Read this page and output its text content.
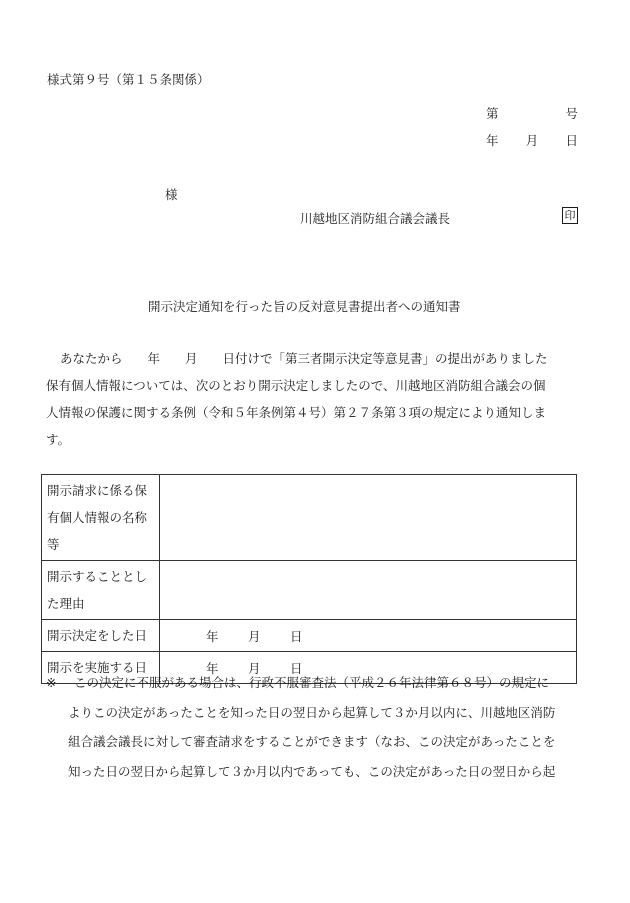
様式第９号（第１５条関係）
第	号
年 月 日
様
川越地区消防組合議会議長	印
開示決定通知を行った旨の反対意見書提出者への通知書
あなたから　　年　　月　　日付けで「第三者開示決定等意見書」の提出がありました
保有個人情報については、次のとおり開示決定しましたので、川越地区消防組合議会の個
人情報の保護に関する条例（令和５年条例第４号）第２７条第３項の規定により通知しま
す。
開示請求に係る保有個人情報の名称等	
開示することとした理由	
開示決定をした日	年 月 日
開示を実施する日	年 月 日
※ この決定に不服がある場合は、行政不服審査法（平成２６年法律第６８号）の規定に
よりこの決定があったことを知った日の翌日から起算して３か月以内に、川越地区消防
組合議会議長に対して審査請求をすることができます（なお、この決定があったことを
知った日の翌日から起算して３か月以内であっても、この決定があった日の翌日から起
